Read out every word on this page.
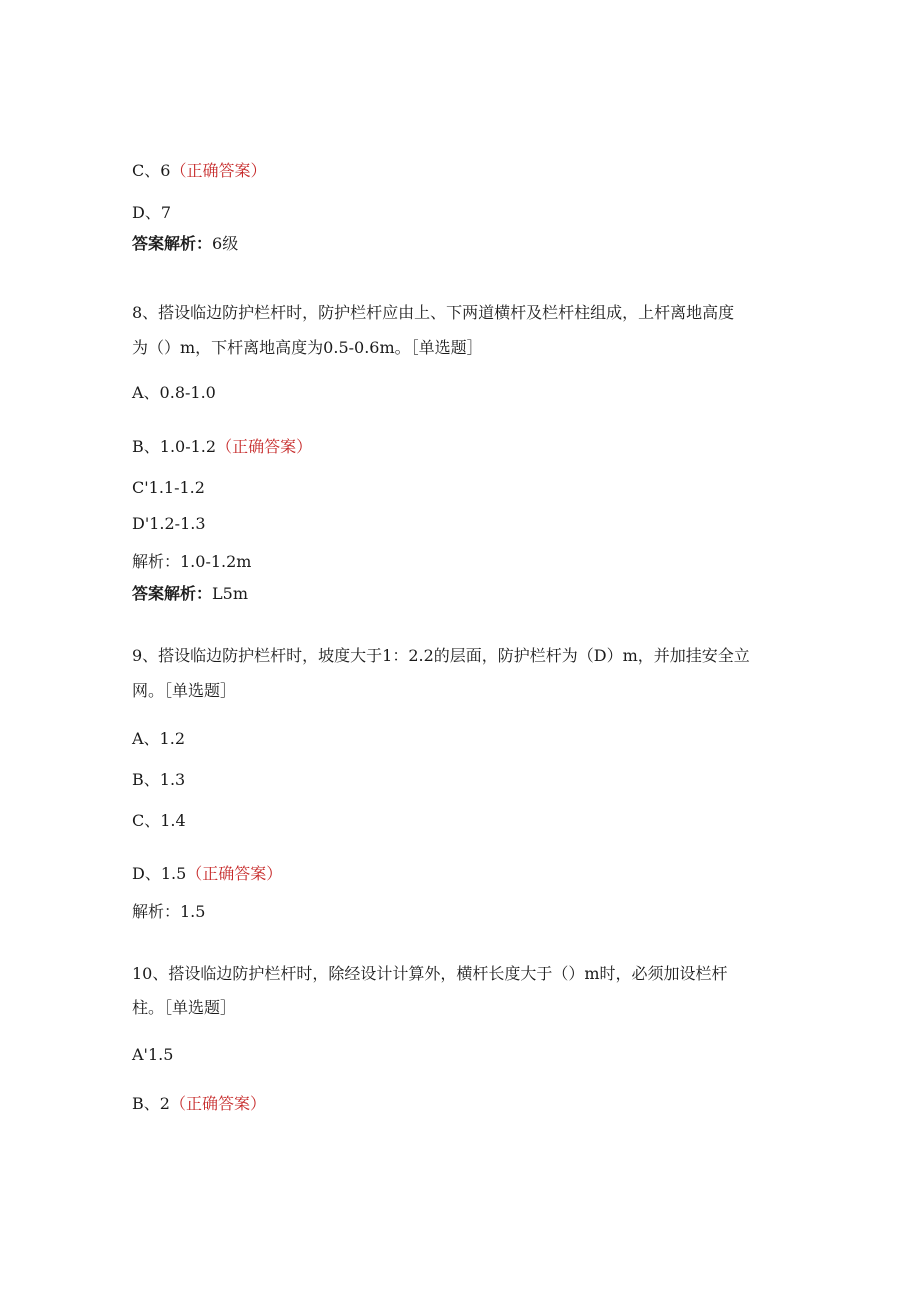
C、6（正确答案）
D、7
答案解析：6级
8、搭设临边防护栏杆时，防护栏杆应由上、下两道横杆及栏杆柱组成，上杆离地高度
为（）m，下杆离地高度为0.5-0.6m。［单选题］
A、0.8-1.0
B、1.0-1.2（正确答案）
C'1.1-1.2
D'1.2-1.3
解析：1.0-1.2m
答案解析：L5m
9、搭设临边防护栏杆时，坡度大于1：2.2的层面，防护栏杆为（D）m，并加挂安全立
网。［单选题］
A、1.2
B、1.3
C、1.4
D、1.5（正确答案）
解析：1.5
10、搭设临边防护栏杆时，除经设计计算外，横杆长度大于（）m时，必须加设栏杆
柱。［单选题］
A'1.5
B、2（正确答案）
